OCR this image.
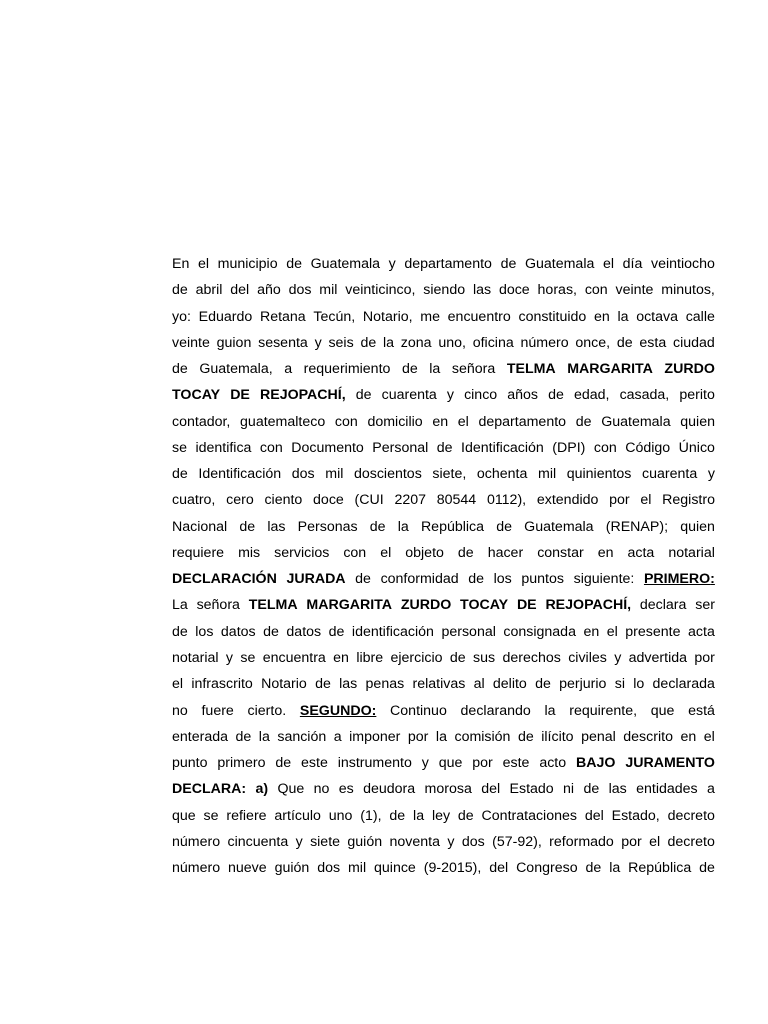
En el municipio de Guatemala y departamento de Guatemala el día veintiocho
de abril del año dos mil veinticinco, siendo las doce horas, con veinte minutos,
yo: Eduardo Retana Tecún, Notario, me encuentro constituido en la octava calle
veinte guion sesenta y seis de la zona uno, oficina número once, de esta ciudad
de Guatemala, a requerimiento de la señora TELMA MARGARITA ZURDO
TOCAY DE REJOPACHÍ, de cuarenta y cinco años de edad, casada, perito
contador, guatemalteco con domicilio en el departamento de Guatemala quien
se identifica con Documento Personal de Identificación (DPI) con Código Único
de Identificación dos mil doscientos siete, ochenta mil quinientos cuarenta y
cuatro, cero ciento doce (CUI 2207 80544 0112), extendido por el Registro
Nacional de las Personas de la República de Guatemala (RENAP); quien
requiere mis servicios con el objeto de hacer constar en acta notarial
DECLARACIÓN JURADA de conformidad de los puntos siguiente: PRIMERO:
La señora TELMA MARGARITA ZURDO TOCAY DE REJOPACHÍ, declara ser
de los datos de datos de identificación personal consignada en el presente acta
notarial y se encuentra en libre ejercicio de sus derechos civiles y advertida por
el infrascrito Notario de las penas relativas al delito de perjurio si lo declarada
no fuere cierto. SEGUNDO: Continuo declarando la requirente, que está
enterada de la sanción a imponer por la comisión de ilícito penal descrito en el
punto primero de este instrumento y que por este acto BAJO JURAMENTO
DECLARA: a) Que no es deudora morosa del Estado ni de las entidades a
que se refiere artículo uno (1), de la ley de Contrataciones del Estado, decreto
número cincuenta y siete guión noventa y dos (57-92), reformado por el decreto
número nueve guión dos mil quince (9-2015), del Congreso de la República de
